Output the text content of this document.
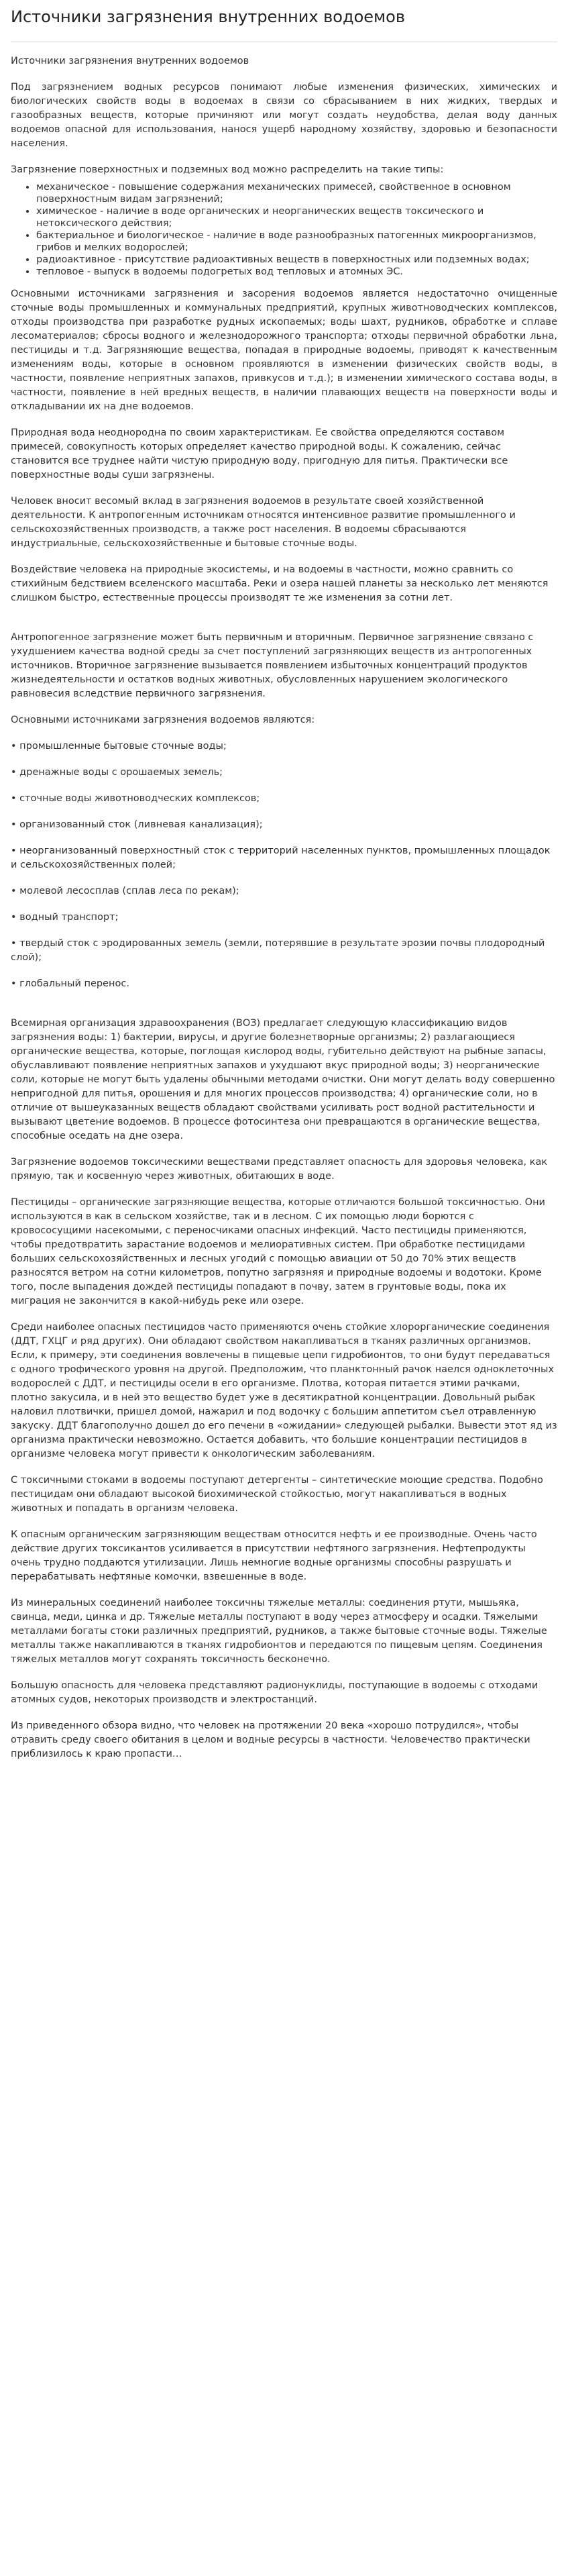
Источники загрязнения внутренних водоемов
Источники загрязнения внутренних водоемов

Под загрязнением водных ресурсов понимают любые изменения физических, химических и биологических свойств воды в водоемах в связи со сбрасыванием в них жидких, твердых и газообразных веществ, которые причиняют или могут создать неудобства, делая воду данных водоемов опасной для использования, нанося ущерб народному хозяйству, здоровью и безопасности населения.

Загрязнение поверхностных и подземных вод можно распределить на такие типы:

• механическое - повышение содержания механических примесей, свойственное в основном поверхностным видам загрязнений;
• химическое - наличие в воде органических и неорганических веществ токсического и нетоксического действия;
• бактериальное и биологическое - наличие в воде разнообразных патогенных микроорганизмов, грибов и мелких водорослей;
• радиоактивное - присутствие радиоактивных веществ в поверхностных или подземных водах;
• тепловое - выпуск в водоемы подогретых вод тепловых и атомных ЭС.

Основными источниками загрязнения и засорения водоемов является недостаточно очищенные сточные воды промышленных и коммунальных предприятий, крупных животноводческих комплексов, отходы производства при разработке рудных ископаемых; воды шахт, рудников, обработке и сплаве лесоматериалов; сбросы водного и железнодорожного транспорта; отходы первичной обработки льна, пестициды и т.д. Загрязняющие вещества, попадая в природные водоемы, приводят к качественным изменениям воды, которые в основном проявляются в изменении физических свойств воды, в частности, появление неприятных запахов, привкусов и т.д.); в изменении химического состава воды, в частности, появление в ней вредных веществ, в наличии плавающих веществ на поверхности воды и откладывании их на дне водоемов.

Природная вода неоднородна по своим характеристикам. Ее свойства определяются составом примесей, совокупность которых определяет качество природной воды. К сожалению, сейчас становится все труднее найти чистую природную воду, пригодную для питья. Практически все поверхностные воды суши загрязнены.

Человек вносит весомый вклад в загрязнения водоемов в результате своей хозяйственной деятельности. К антропогенным источникам относятся интенсивное развитие промышленного и сельскохозяйственных производств, а также рост населения. В водоемы сбрасываются индустриальные, сельскохозяйственные и бытовые сточные воды.

Воздействие человека на природные экосистемы, и на водоемы в частности, можно сравнить со стихийным бедствием вселенского масштаба. Реки и озера нашей планеты за несколько лет меняются слишком быстро, естественные процессы производят те же изменения за сотни лет.

Антропогенное загрязнение может быть первичным и вторичным. Первичное загрязнение связано с ухудшением качества водной среды за счет поступлений загрязняющих веществ из антропогенных источников. Вторичное загрязнение вызывается появлением избыточных концентраций продуктов жизнедеятельности и остатков водных животных, обусловленных нарушением экологического равновесия вследствие первичного загрязнения.

Основными источниками загрязнения водоемов являются:

• промышленные бытовые сточные воды;
• дренажные воды с орошаемых земель;
• сточные воды животноводческих комплексов;
• организованный сток (ливневая канализация);
• неорганизованный поверхностный сток с территорий населенных пунктов, промышленных площадок и сельскохозяйственных полей;
• молевой лесосплав (сплав леса по рекам);
• водный транспорт;
• твердый сток с эродированных земель (земли, потерявшие в результате эрозии почвы плодородный слой);
• глобальный перенос.

Всемирная организация здравоохранения (ВОЗ) предлагает следующую классификацию видов загрязнения воды: 1) бактерии, вирусы, и другие болезнетворные организмы; 2) разлагающиеся органические вещества, которые, поглощая кислород воды, губительно действуют на рыбные запасы, обуславливают появление неприятных запахов и ухудшают вкус природной воды; 3) неорганические соли, которые не могут быть удалены обычными методами очистки. Они могут делать воду совершенно непригодной для питья, орошения и для многих процессов производства; 4) органические соли, но в отличие от вышеуказанных веществ обладают свойствами усиливать рост водной растительности и вызывают цветение водоемов. В процессе фотосинтеза они превращаются в органические вещества, способные оседать на дне озера.

Загрязнение водоемов токсическими веществами представляет опасность для здоровья человека, как прямую, так и косвенную через животных, обитающих в воде.

Пестициды – органические загрязняющие вещества, которые отличаются большой токсичностью. Они используются в как в сельском хозяйстве, так и в лесном. С их помощью люди борются с кровососущими насекомыми, с переносчиками опасных инфекций. Часто пестициды применяются, чтобы предотвратить зарастание водоемов и мелиоративных систем. При обработке пестицидами больших сельскохозяйственных и лесных угодий с помощью авиации от 50 до 70% этих веществ разносятся ветром на сотни километров, попутно загрязняя и природные водоемы и водотоки. Кроме того, после выпадения дождей пестициды попадают в почву, затем в грунтовые воды, пока их миграция не закончится в какой-нибудь реке или озере.

Среди наиболее опасных пестицидов часто применяются очень стойкие хлорорганические соединения (ДДТ, ГХЦГ и ряд других). Они обладают свойством накапливаться в тканях различных организмов. Если, к примеру, эти соединения вовлечены в пищевые цепи гидробионтов, то они будут передаваться с одного трофического уровня на другой. Предположим, что планктонный рачок наелся одноклеточных водорослей с ДДТ, и пестициды осели в его организме. Плотва, которая питается этими рачками, плотно закусила, и в ней это вещество будет уже в десятикратной концентрации. Довольный рыбак наловил плотвички, пришел домой, нажарил и под водочку с большим аппетитом съел отравленную закуску. ДДТ благополучно дошел до его печени в «ожидании» следующей рыбалки. Вывести этот яд из организма практически невозможно. Остается добавить, что большие концентрации пестицидов в организме человека могут привести к онкологическим заболеваниям.

С токсичными стоками в водоемы поступают детергенты – синтетические моющие средства. Подобно пестицидам они обладают высокой биохимической стойкостью, могут накапливаться в водных животных и попадать в организм человека.

К опасным органическим загрязняющим веществам относится нефть и ее производные. Очень часто действие других токсикантов усиливается в присутствии нефтяного загрязнения. Нефтепродукты очень трудно поддаются утилизации. Лишь немногие водные организмы способны разрушать и перерабатывать нефтяные комочки, взвешенные в воде.

Из минеральных соединений наиболее токсичны тяжелые металлы: соединения ртути, мышьяка, свинца, меди, цинка и др. Тяжелые металлы поступают в воду через атмосферу и осадки. Тяжелыми металлами богаты стоки различных предприятий, рудников, а также бытовые сточные воды. Тяжелые металлы также накапливаются в тканях гидробионтов и передаются по пищевым цепям. Соединения тяжелых металлов могут сохранять токсичность бесконечно.

Большую опасность для человека представляют радионуклиды, поступающие в водоемы с отходами атомных судов, некоторых производств и электростанций.

Из приведенного обзора видно, что человек на протяжении 20 века «хорошо потрудился», чтобы отравить среду своего обитания в целом и водные ресурсы в частности. Человечество практически приблизилось к краю пропасти…
